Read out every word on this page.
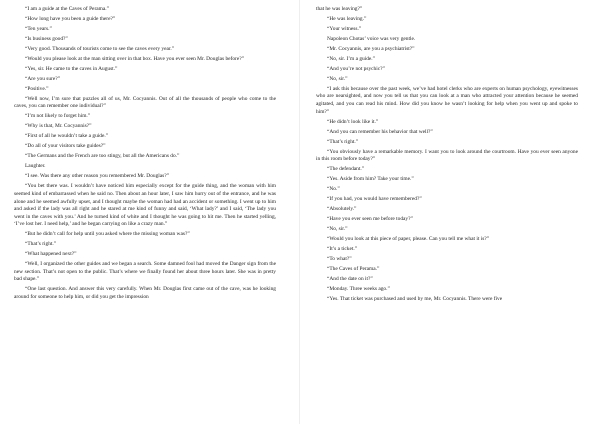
“I am a guide at the Caves of Perama.”

“How long have you been a guide there?”

“Ten years.”

“Is business good?”

“Very good. Thousands of tourists come to see the caves every year.”

“Would you please look at the man sitting over in that box. Have you ever seen Mr. Douglas before?”

“Yes, sir. He came to the caves in August.”

“Are you sure?”

“Positive.”

“Well now, I’m sure that puzzles all of us, Mr. Cocyannis. Out of all the thousands of people who come to the caves, you can remember one individual?”

“I’m not likely to forget him.”

“Why is that, Mr. Cocyannis?”

“First of all he wouldn’t take a guide.”

“Do all of your visitors take guides?”

“The Germans and the French are too stingy, but all the Americans do.”

Laughter.

“I see. Was there any other reason you remembered Mr. Douglas?”

“You bet there was. I wouldn’t have noticed him especially except for the guide thing, and the woman with him seemed kind of embarrassed when he said no. Then about an hour later, I saw him hurry out of the entrance, and he was alone and he seemed awfully upset, and I thought maybe the woman had had an accident or something. I went up to him and asked if the lady was all right and he stared at me kind of funny and said, ‘What lady?’ and I said, ‘The lady you went in the caves with you.’ And he turned kind of white and I thought he was going to hit me. Then he started yelling, ‘I’ve lost her. I need help,’ and he began carrying on like a crazy man.”

“But he didn’t call for help until you asked where the missing woman was?”

“That’s right.”

“What happened next?”

“Well, I organized the other guides and we began a search. Some damned fool had moved the Danger sign from the new section. That’s not open to the public. That’s where we finally found her about three hours later. She was in pretty bad shape.”

“One last question. And answer this very carefully. When Mr. Douglas first came out of the cave, was he looking around for someone to help him, or did you get the impression

that he was leaving?”

“He was leaving.”

“Your witness.”

Napoleon Chotas’ voice was very gentle.

“Mr. Cocyannis, are you a psychiatrist?”

“No, sir. I’m a guide.”

“And you’re not psychic?”

“No, sir.”

“I ask this because over the past week, we’ve had hotel clerks who are experts on human psychology, eyewitnesses who are nearsighted, and now you tell us that you can look at a man who attracted your attention because he seemed agitated, and you can read his mind. How did you know he wasn’t looking for help when you went up and spoke to him?”

“He didn’t look like it.”

“And you can remember his behavior that well?”

“That’s right.”

“You obviously have a remarkable memory. I want you to look around the courtroom. Have you ever seen anyone in this room before today?”

“The defendant.”

“Yes. Aside from him? Take your time.”

“No.”

“If you had, you would have remembered?”

“Absolutely.”

“Have you ever seen me before today?”

“No, sir.”

“Would you look at this piece of paper, please. Can you tell me what it is?”

“It’s a ticket.”

“To what?”

“The Caves of Perama.”

“And the date on it?”

“Monday. Three weeks ago.”

“Yes. That ticket was purchased and used by me, Mr. Cocyannis. There were five
